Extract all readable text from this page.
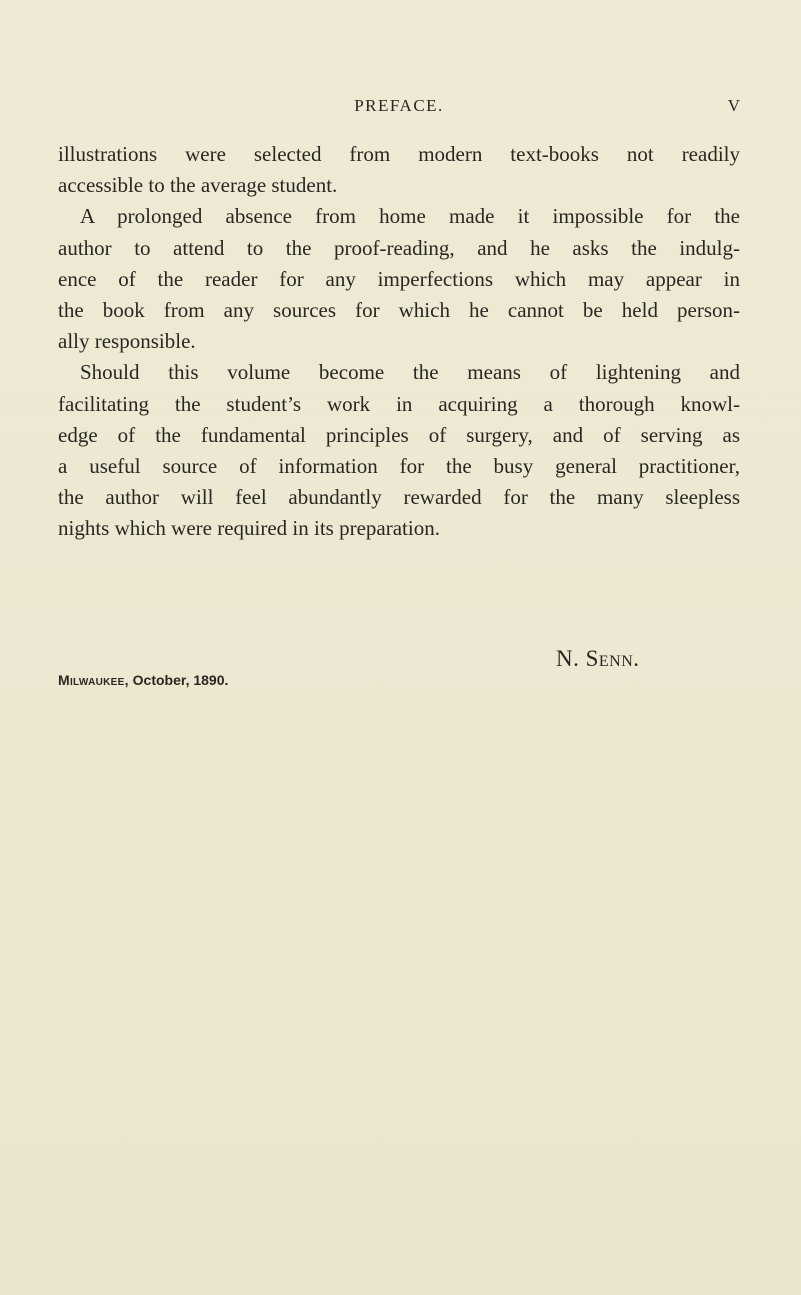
PREFACE.	V
illustrations were selected from modern text-books not readily
accessible to the average student.
A prolonged absence from home made it impossible for the
author to attend to the proof-reading, and he asks the indulg-
ence of the reader for any imperfections which may appear in
the book from any sources for which he cannot be held person-
ally responsible.
Should this volume become the means of lightening and
facilitating the student’s work in acquiring a thorough knowl-
edge of the fundamental principles of surgery, and of serving as
a useful source of information for the busy general practitioner,
the author will feel abundantly rewarded for the many sleepless
nights which were required in its preparation.
N. Senn.
Milwaukee, October, 1890.
